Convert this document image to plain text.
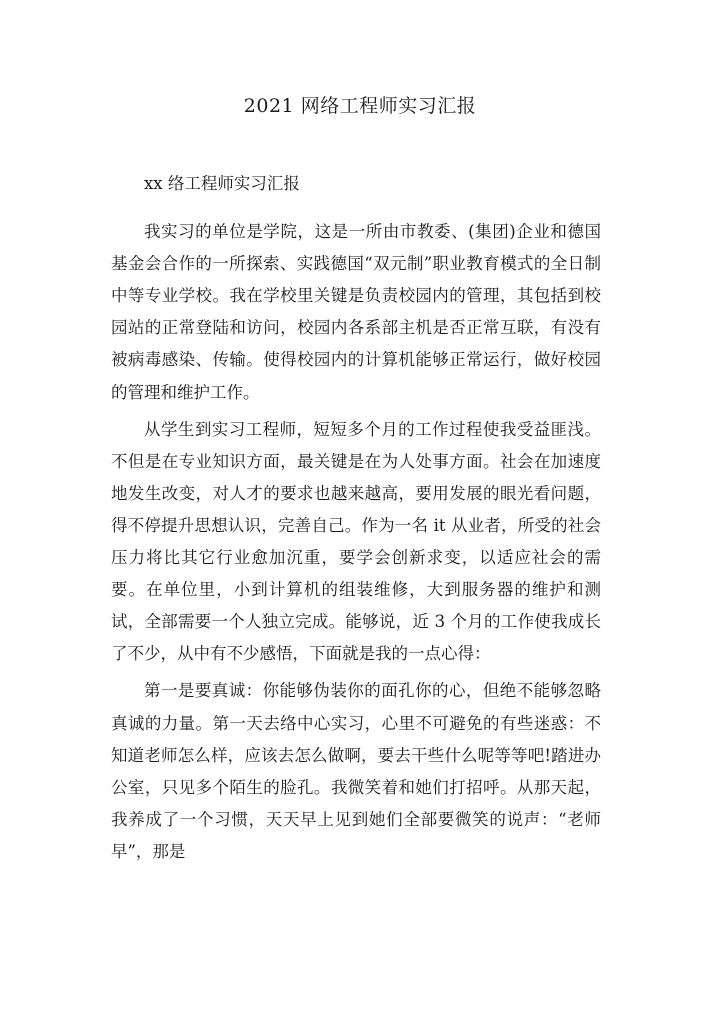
2021 网络工程师实习汇报

xx 络工程师实习汇报

我实习的单位是学院，这是一所由市教委、(集团)企业和德国基金会合作的一所探索、实践德国“双元制”职业教育模式的全日制中等专业学校。我在学校里关键是负责校园内的管理，其包括到校园站的正常登陆和访问，校园内各系部主机是否正常互联，有没有被病毒感染、传输。使得校园内的计算机能够正常运行，做好校园的管理和维护工作。

从学生到实习工程师，短短多个月的工作过程使我受益匪浅。不但是在专业知识方面，最关键是在为人处事方面。社会在加速度地发生改变，对人才的要求也越来越高，要用发展的眼光看问题，得不停提升思想认识，完善自己。作为一名 it 从业者，所受的社会压力将比其它行业愈加沉重，要学会创新求变，以适应社会的需要。在单位里，小到计算机的组装维修，大到服务器的维护和测试，全部需要一个人独立完成。能够说，近 3 个月的工作使我成长了不少，从中有不少感悟，下面就是我的一点心得：

第一是要真诚：你能够伪装你的面孔你的心，但绝不能够忽略真诚的力量。第一天去络中心实习，心里不可避免的有些迷惑：不知道老师怎么样，应该去怎么做啊，要去干些什么呢等等吧!踏进办公室，只见多个陌生的脸孔。我微笑着和她们打招呼。从那天起，我养成了一个习惯，天天早上见到她们全部要微笑的说声：“老师早”，那是
